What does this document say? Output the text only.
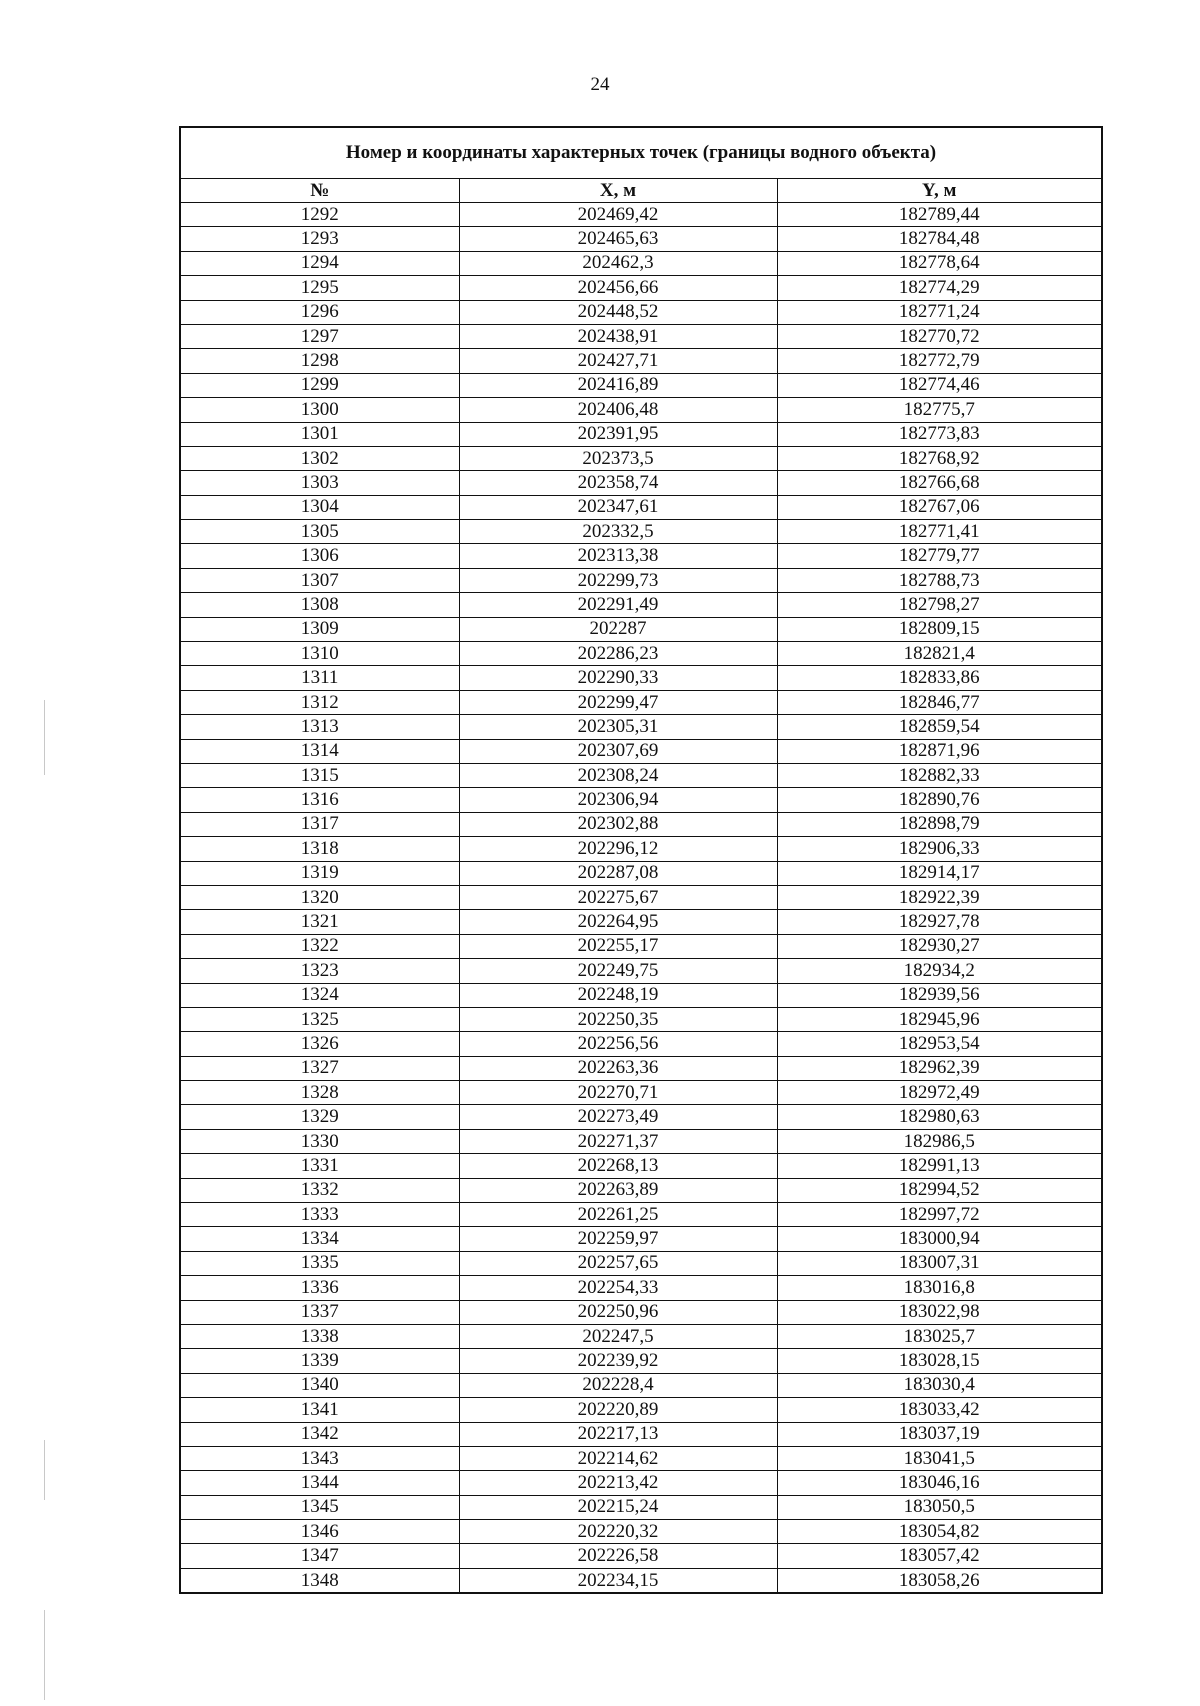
24
Номер и координаты характерных точек (границы водного объекта)		
№	X, м	Y, м
1292	202469,42	182789,44
1293	202465,63	182784,48
1294	202462,3	182778,64
1295	202456,66	182774,29
1296	202448,52	182771,24
1297	202438,91	182770,72
1298	202427,71	182772,79
1299	202416,89	182774,46
1300	202406,48	182775,7
1301	202391,95	182773,83
1302	202373,5	182768,92
1303	202358,74	182766,68
1304	202347,61	182767,06
1305	202332,5	182771,41
1306	202313,38	182779,77
1307	202299,73	182788,73
1308	202291,49	182798,27
1309	202287	182809,15
1310	202286,23	182821,4
1311	202290,33	182833,86
1312	202299,47	182846,77
1313	202305,31	182859,54
1314	202307,69	182871,96
1315	202308,24	182882,33
1316	202306,94	182890,76
1317	202302,88	182898,79
1318	202296,12	182906,33
1319	202287,08	182914,17
1320	202275,67	182922,39
1321	202264,95	182927,78
1322	202255,17	182930,27
1323	202249,75	182934,2
1324	202248,19	182939,56
1325	202250,35	182945,96
1326	202256,56	182953,54
1327	202263,36	182962,39
1328	202270,71	182972,49
1329	202273,49	182980,63
1330	202271,37	182986,5
1331	202268,13	182991,13
1332	202263,89	182994,52
1333	202261,25	182997,72
1334	202259,97	183000,94
1335	202257,65	183007,31
1336	202254,33	183016,8
1337	202250,96	183022,98
1338	202247,5	183025,7
1339	202239,92	183028,15
1340	202228,4	183030,4
1341	202220,89	183033,42
1342	202217,13	183037,19
1343	202214,62	183041,5
1344	202213,42	183046,16
1345	202215,24	183050,5
1346	202220,32	183054,82
1347	202226,58	183057,42
1348	202234,15	183058,26
